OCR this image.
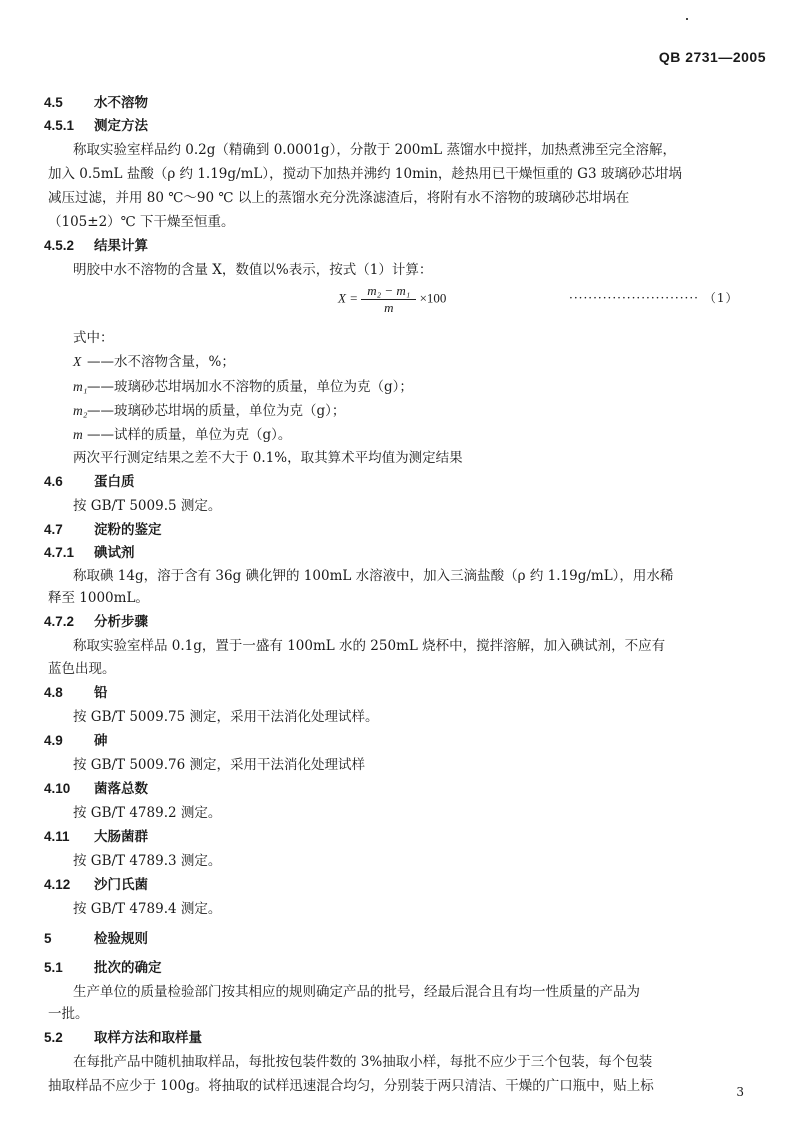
QB 2731—2005
4.5 水不溶物
4.5.1 测定方法
称取实验室样品约 0.2g（精确到 0.0001g），分散于 200mL 蒸馏水中搅拌，加热煮沸至完全溶解，
加入 0.5mL 盐酸（ρ 约 1.19g/mL），搅动下加热并沸约 10min，趁热用已干燥恒重的 G3 玻璃砂芯坩埚
减压过滤，并用 80 ℃～90 ℃ 以上的蒸馏水充分洗涤滤渣后，将附有水不溶物的玻璃砂芯坩埚在
（105±2）℃ 下干燥至恒重。
4.5.2 结果计算
明胶中水不溶物的含量 X，数值以%表示，按式（1）计算：
$X = \frac{\text{m₂ − m₁}}{m} \times 100$	··························· （1）
式中：
X ——水不溶物含量，%；
m₁——玻璃砂芯坩埚加水不溶物的质量，单位为克（g）；
m₂——玻璃砂芯坩埚的质量，单位为克（g）；
m ——试样的质量，单位为克（g）。
两次平行测定结果之差不大于 0.1%，取其算术平均值为测定结果
4.6 蛋白质
按 GB/T 5009.5 测定。
4.7 淀粉的鉴定
4.7.1 碘试剂
称取碘 14g，溶于含有 36g 碘化钾的 100mL 水溶液中，加入三滴盐酸（ρ 约 1.19g/mL），用水稀
释至 1000mL。
4.7.2 分析步骤
称取实验室样品 0.1g，置于一盛有 100mL 水的 250mL 烧杯中，搅拌溶解，加入碘试剂，不应有
蓝色出现。
4.8 铅
按 GB/T 5009.75 测定，采用干法消化处理试样。
4.9 砷
按 GB/T 5009.76 测定，采用干法消化处理试样
4.10 菌落总数
按 GB/T 4789.2 测定。
4.11 大肠菌群
按 GB/T 4789.3 测定。
4.12 沙门氏菌
按 GB/T 4789.4 测定。
5	检验规则
5.1 批次的确定
生产单位的质量检验部门按其相应的规则确定产品的批号，经最后混合且有均一性质量的产品为
一批。
5.2 取样方法和取样量
在每批产品中随机抽取样品，每批按包装件数的 3%抽取小样，每批不应少于三个包装，每个包装
抽取样品不应少于 100g。将抽取的试样迅速混合均匀，分别装于两只清洁、干燥的广口瓶中，贴上标	3
